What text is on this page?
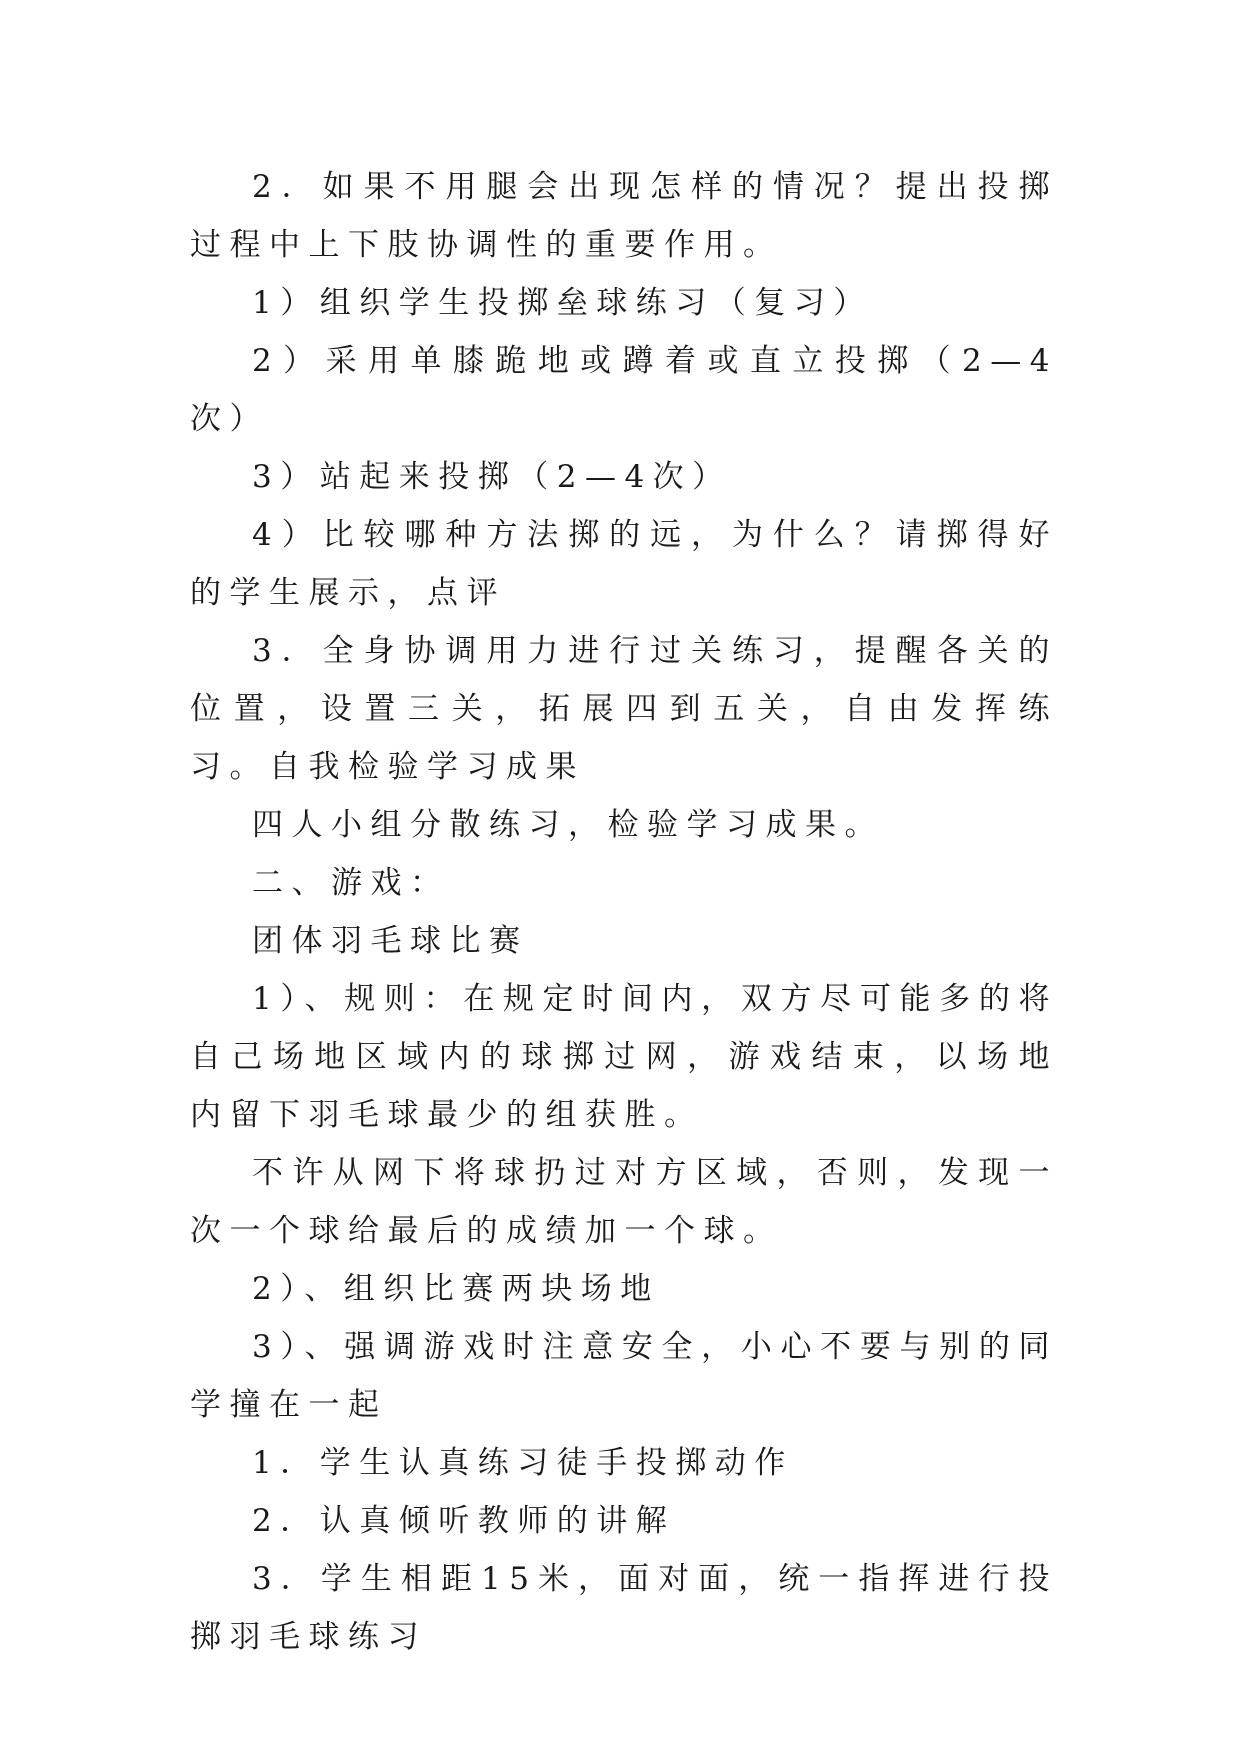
2．如果不用腿会出现怎样的情况？提出投掷过程中上下肢协调性的重要作用。

1）组织学生投掷垒球练习（复习）

2）采用单膝跪地或蹲着或直立投掷（2—4次）

3）站起来投掷（2—4次）

4）比较哪种方法掷的远，为什么？请掷得好的学生展示，点评

3．全身协调用力进行过关练习，提醒各关的位置，设置三关，拓展四到五关，自由发挥练习。自我检验学习成果

四人小组分散练习，检验学习成果。

二、游戏：

团体羽毛球比赛

1）、规则：在规定时间内，双方尽可能多的将自己场地区域内的球掷过网，游戏结束，以场地内留下羽毛球最少的组获胜。

不许从网下将球扔过对方区域，否则，发现一次一个球给最后的成绩加一个球。

2）、组织比赛两块场地

3）、强调游戏时注意安全，小心不要与别的同学撞在一起

1．学生认真练习徒手投掷动作

2．认真倾听教师的讲解

3．学生相距15米，面对面，统一指挥进行投掷羽毛球练习
